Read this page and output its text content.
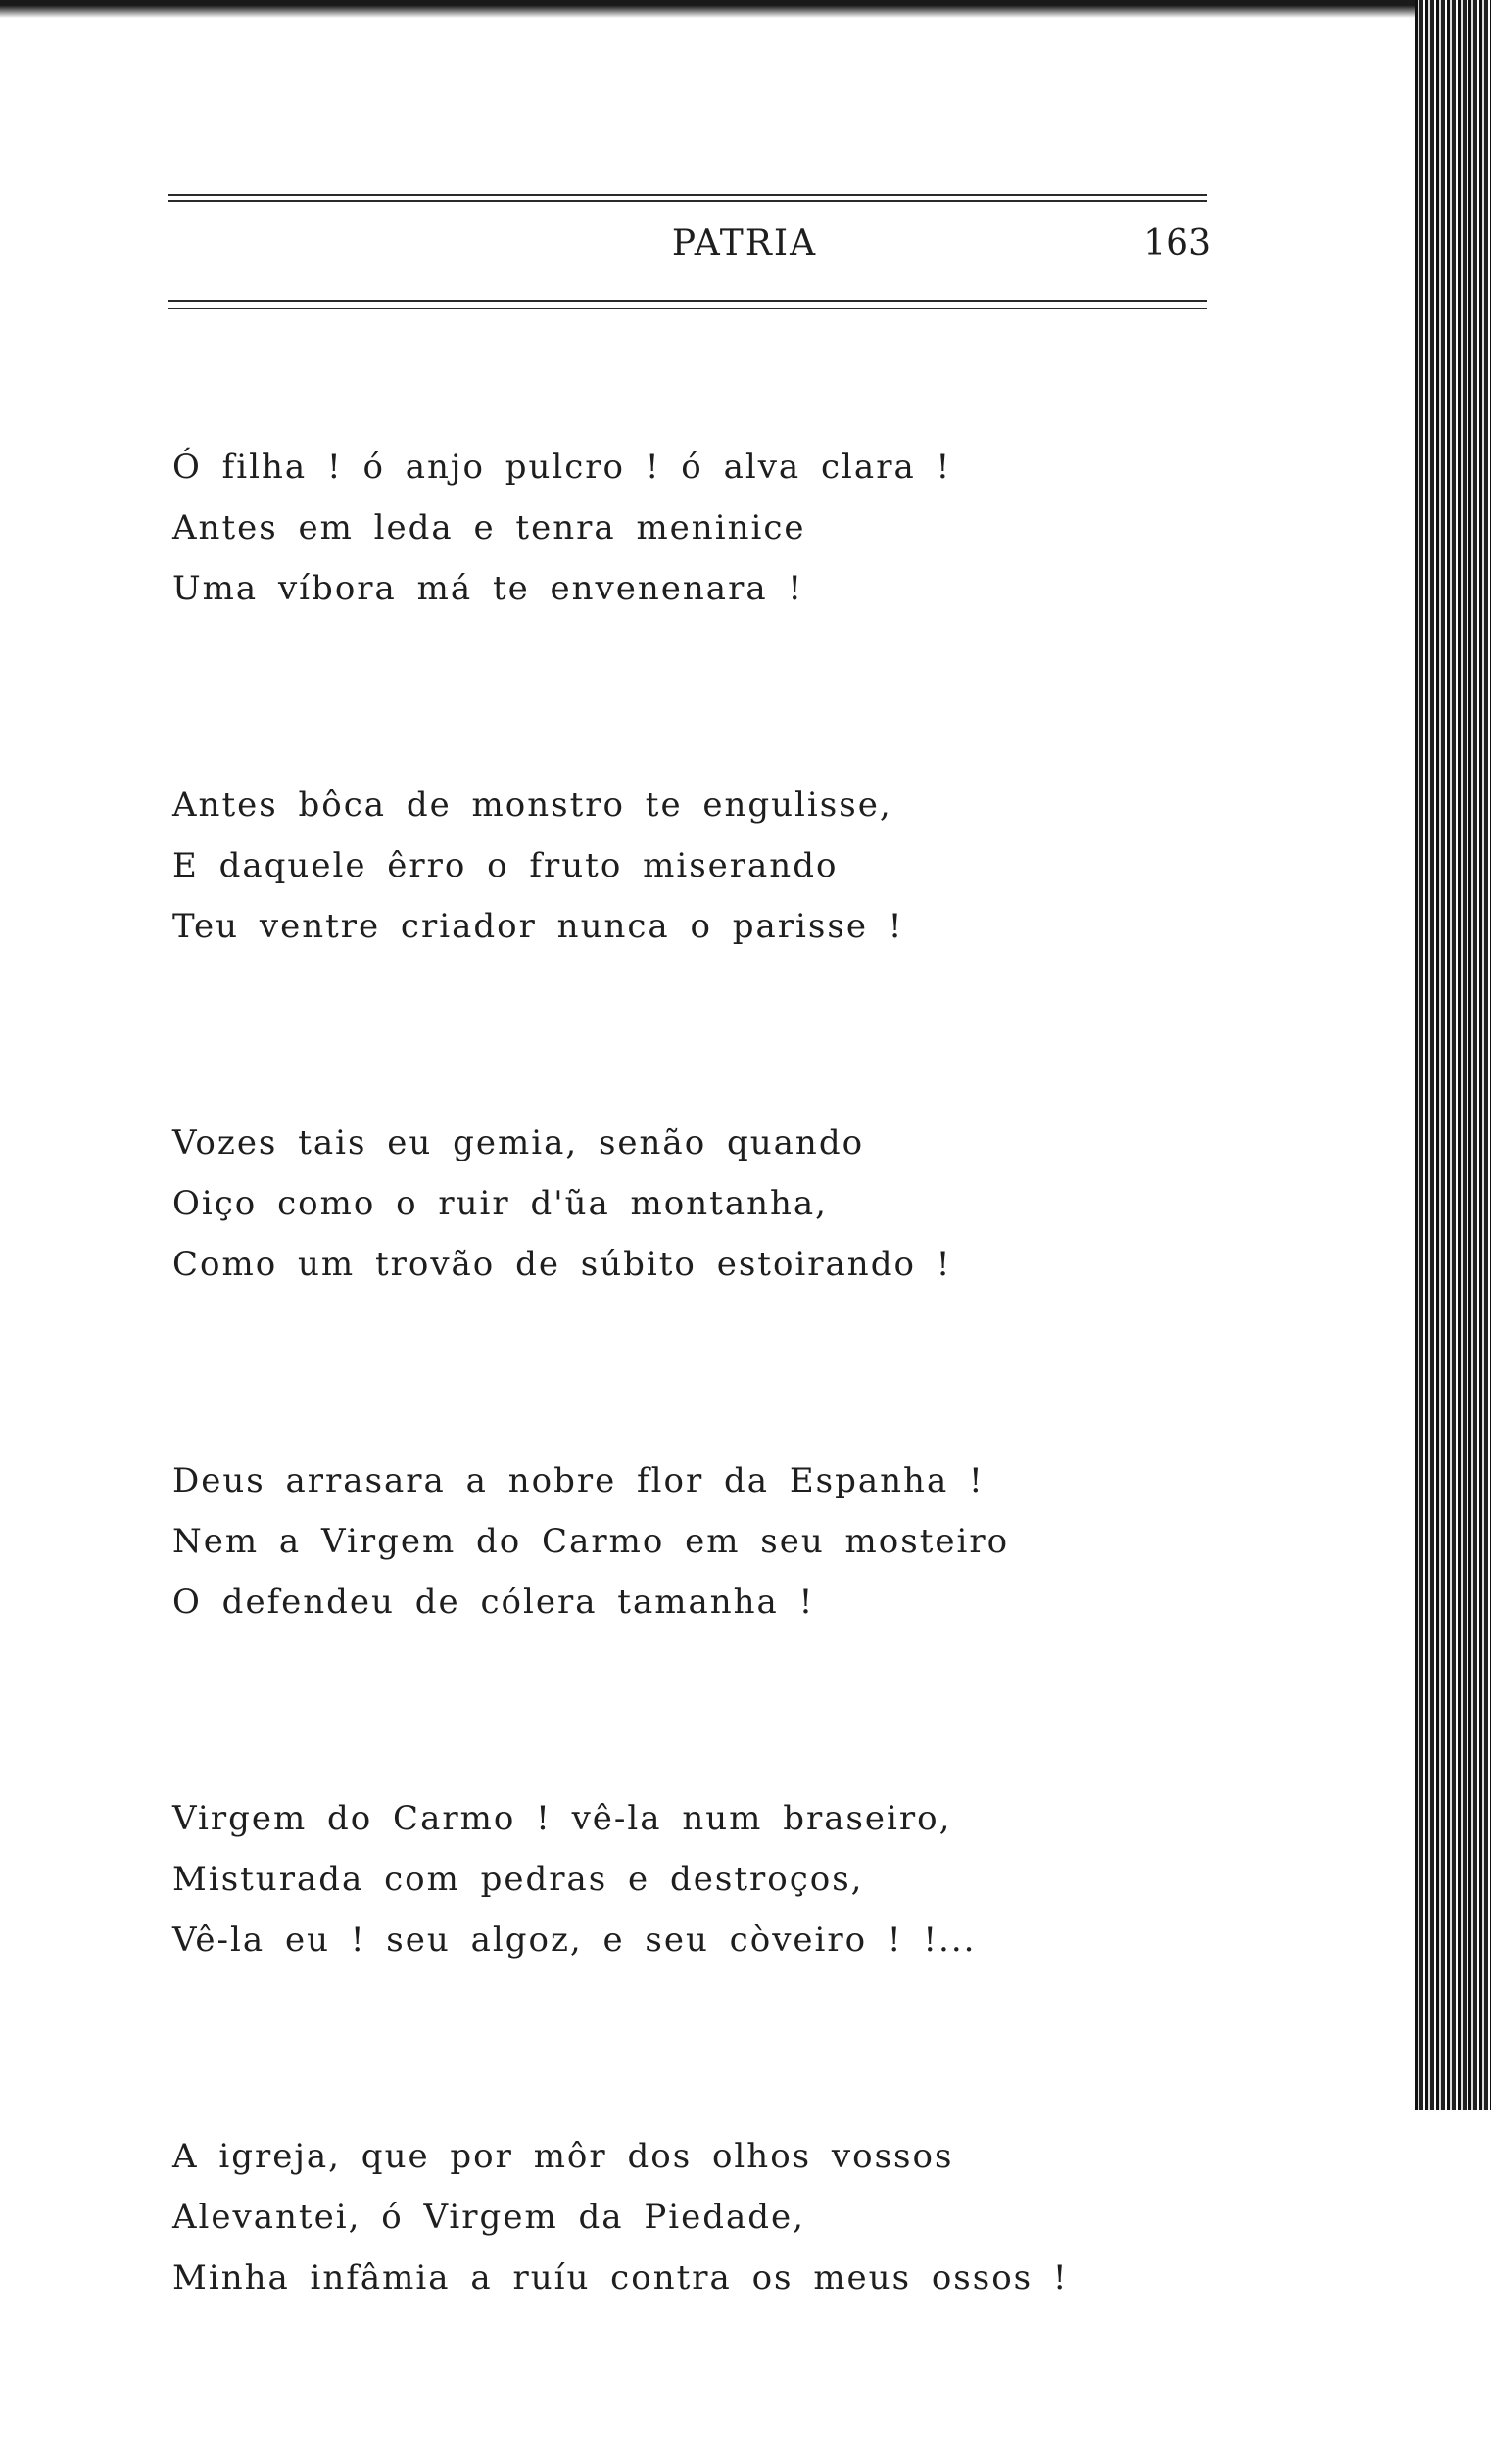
PATRIA	163
Ó filha ! ó anjo pulcro ! ó alva clara !
Antes em leda e tenra meninice
Uma víbora má te envenenara !
Antes bôca de monstro te engulisse,
E daquele êrro o fruto miserando
Teu ventre criador nunca o parisse !
Vozes tais eu gemia, senão quando
Oiço como o ruir d'ũa montanha,
Como um trovão de súbito estoirando !
Deus arrasara a nobre flor da Espanha !
Nem a Virgem do Carmo em seu mosteiro
O defendeu de cólera tamanha !
Virgem do Carmo ! vê-la num braseiro,
Misturada com pedras e destroços,
Vê-la eu ! seu algoz, e seu còveiro ! !...
A igreja, que por môr dos olhos vossos
Alevantei, ó Virgem da Piedade,
Minha infâmia a ruíu contra os meus ossos !
